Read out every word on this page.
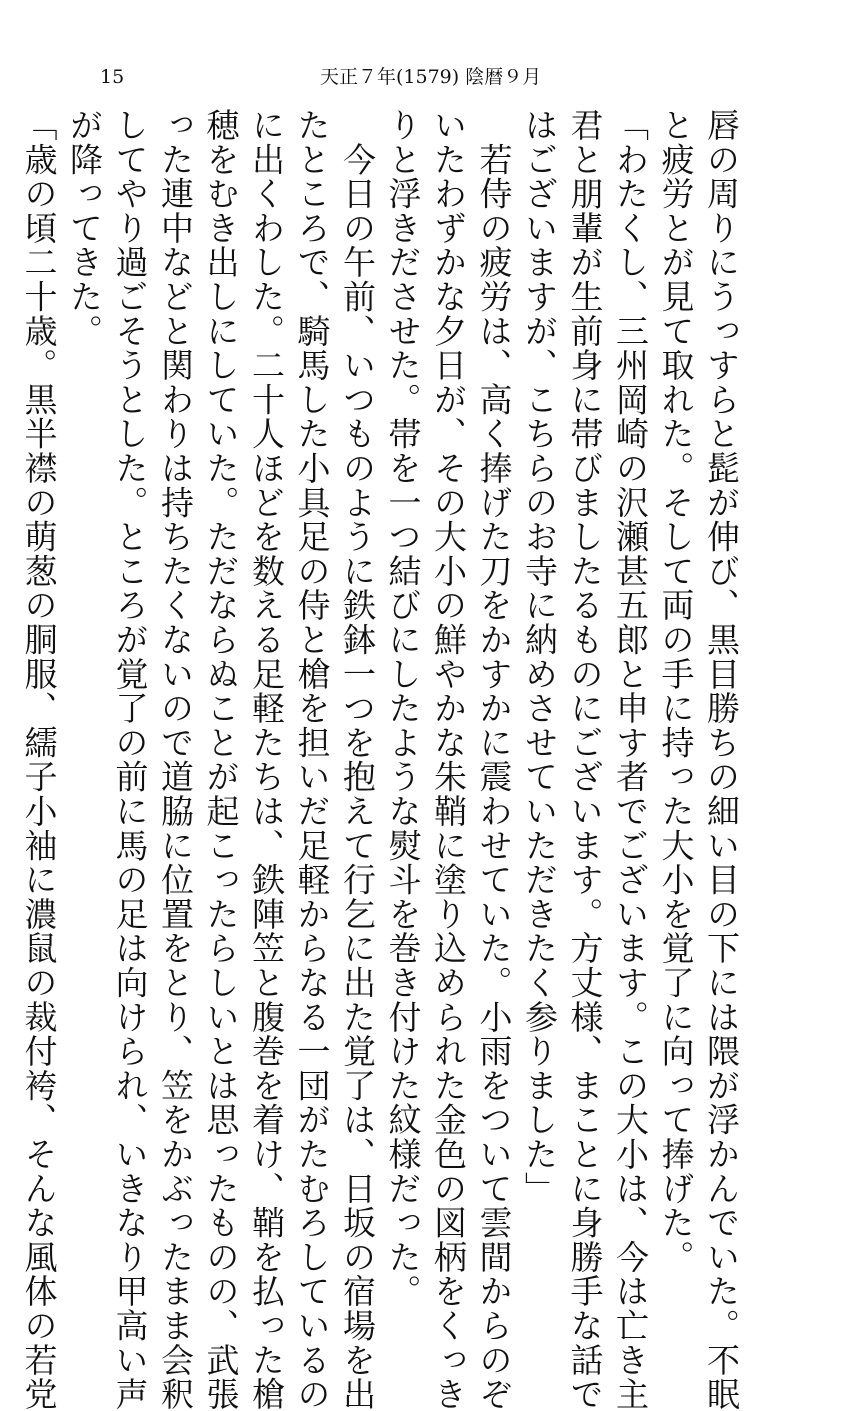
15	天正７年(1579) 陰暦９月

唇の周りにうっすらと髭が伸び、黒目勝ちの細い目の下には隈が浮かんでいた。不眠

と疲労とが見て取れた。そして両の手に持った大小を覚了に向って捧げた。

「わたくし、三州岡崎の沢瀬甚五郎と申す者でございます。この大小は、今は亡き主

君と朋輩が生前身に帯びましたるものにございます。方丈様、まことに身勝手な話で

はございますが、こちらのお寺に納めさせていただきたく参りました」

　若侍の疲労は、高く捧げた刀をかすかに震わせていた。小雨をついて雲間からのぞ

いたわずかな夕日が、その大小の鮮やかな朱鞘に塗り込められた金色の図柄をくっき

りと浮きださせた。帯を一つ結びにしたような熨斗を巻き付けた紋様だった。

　今日の午前、いつものように鉄鉢一つを抱えて行乞に出た覚了は、日坂の宿場を出

たところで、騎馬した小具足の侍と槍を担いだ足軽からなる一団がたむろしているの

に出くわした。二十人ほどを数える足軽たちは、鉄陣笠と腹巻を着け、鞘を払った槍

穂をむき出しにしていた。ただならぬことが起こったらしいとは思ったものの、武張

った連中などと関わりは持ちたくないので道脇に位置をとり、笠をかぶったまま会釈

してやり過ごそうとした。ところが覚了の前に馬の足は向けられ、いきなり甲高い声

が降ってきた。

「歳の頃二十歳。黒半襟の萌葱の胴服、繻子小袖に濃鼠の裁付袴、そんな風体の若党
